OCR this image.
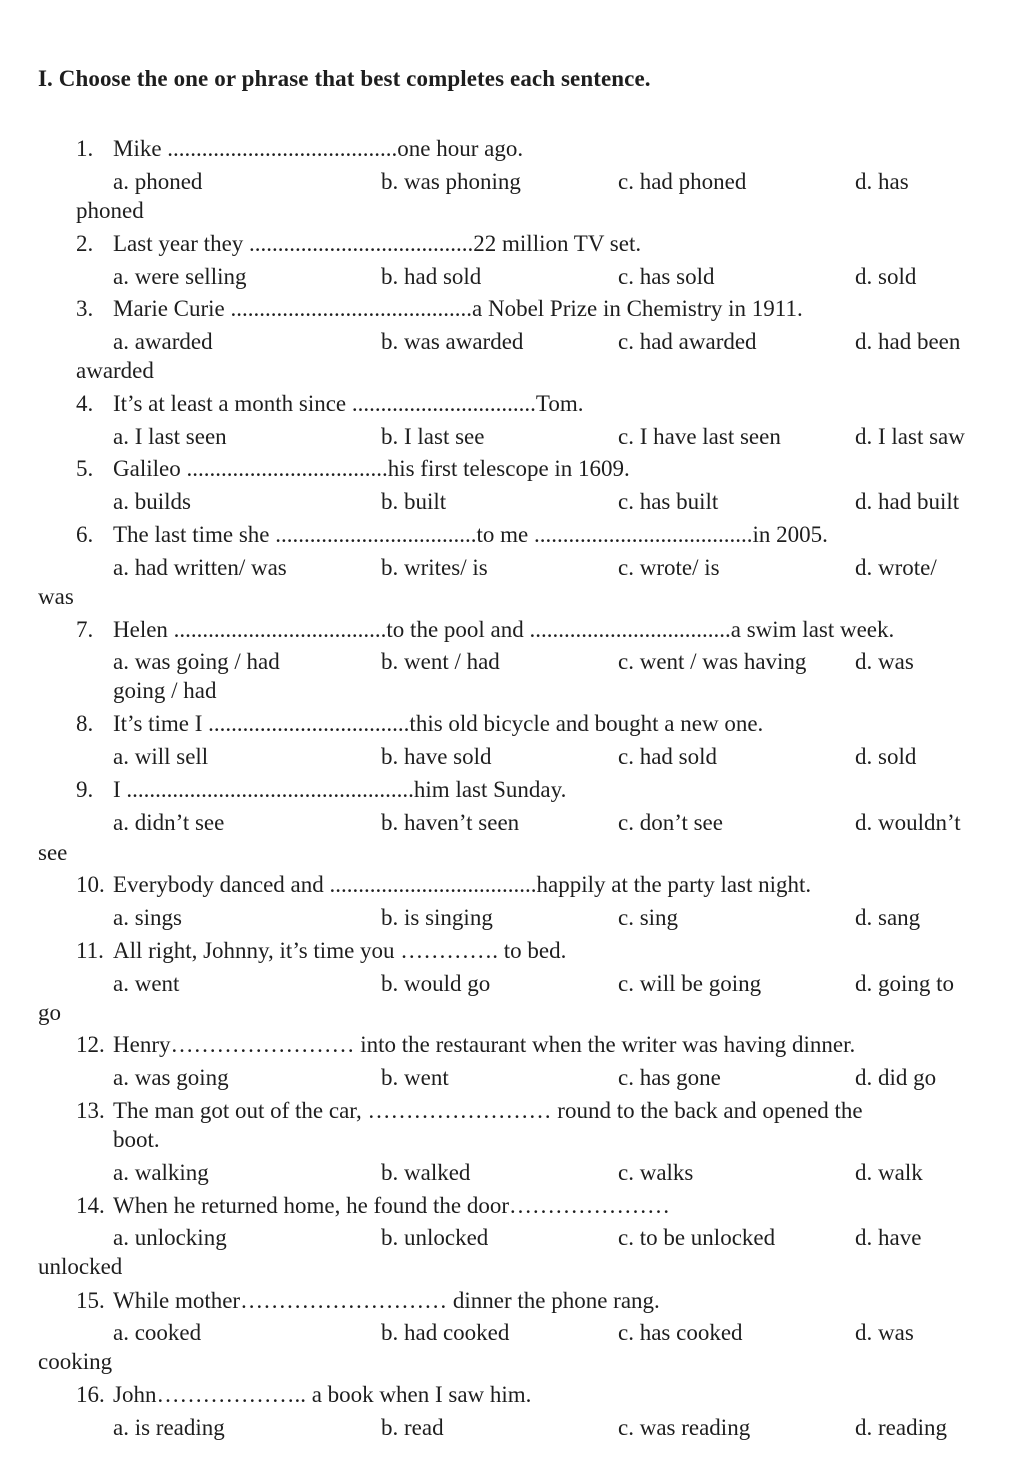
I. Choose the one or phrase that best completes each sentence.
1. Mike ........................................one hour ago.
a. phoned	b. was phoning	c. had phoned	d. has
phoned
2. Last year they .......................................22 million TV set.
a. were selling	b. had sold	c. has sold	d. sold
3. Marie Curie ..........................................a Nobel Prize in Chemistry in 1911.
a. awarded	b. was awarded	c. had awarded	d. had been
awarded
4. It’s at least a month since ................................Tom.
a. I last seen	b. I last see	c. I have last seen	d. I last saw
5. Galileo ...................................his first telescope in 1609.
a. builds	b. built	c. has built	d. had built
6. The last time she ...................................to me ......................................in 2005.
a. had written/ was	b. writes/ is	c. wrote/ is	d. wrote/
was
7. Helen .....................................to the pool and ...................................a swim last week.
a. was going / had	b. went / had	c. went / was having d. was
going / had
8. It’s time I ...................................this old bicycle and bought a new one.
a. will sell	b. have sold	c. had sold	d. sold
9. I ..................................................him last Sunday.
a. didn’t see	b. haven’t seen	c. don’t see	d. wouldn’t
see
10. Everybody danced and ....................................happily at the party last night.
a. sings	b. is singing	c. sing	d. sang
11. All right, Johnny, it’s time you …………. to bed.
a. went	b. would go	c. will be going	d. going to
go
12. Henry…………………… into the restaurant when the writer was having dinner.
a. was going	b. went	c. has gone	d. did go
13. The man got out of the car, …………………… round to the back and opened the
boot.
a. walking	b. walked	c. walks	d. walk
14. When he returned home, he found the door…………………
a. unlocking	b. unlocked	c. to be unlocked	d. have
unlocked
15. While mother……………………… dinner the phone rang.
a. cooked	b. had cooked	c. has cooked	d. was
cooking
16. John……………….. a book when I saw him.
a. is reading	b. read	c. was reading	d. reading
